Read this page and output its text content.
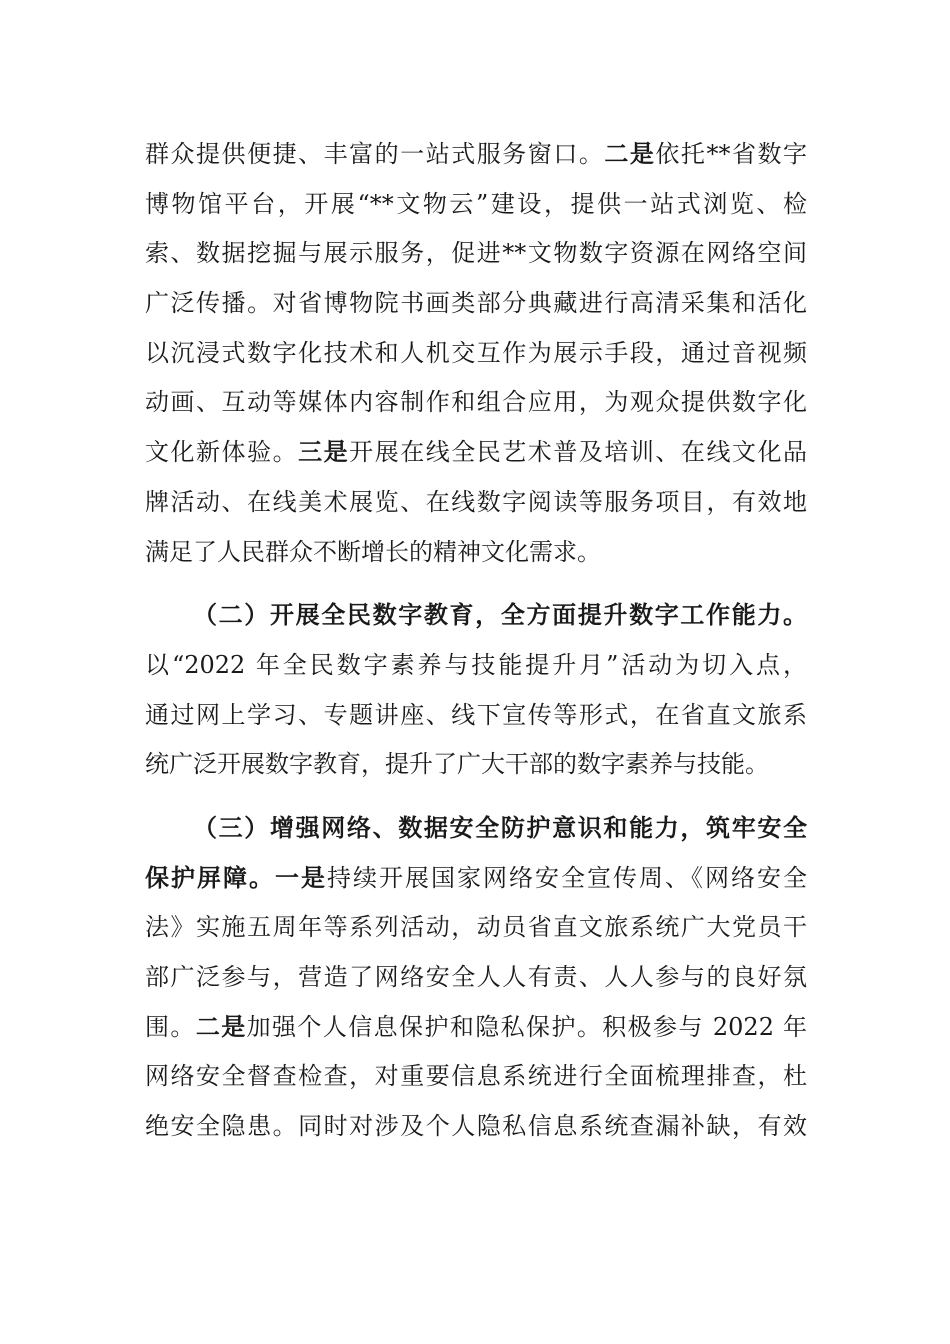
群众提供便捷、丰富的一站式服务窗口。二是依托**省数字
博物馆平台，开展“**文物云”建设，提供一站式浏览、检
索、数据挖掘与展示服务，促进**文物数字资源在网络空间
广泛传播。对省博物院书画类部分典藏进行高清采集和活化
以沉浸式数字化技术和人机交互作为展示手段，通过音视频
动画、互动等媒体内容制作和组合应用，为观众提供数字化
文化新体验。三是开展在线全民艺术普及培训、在线文化品
牌活动、在线美术展览、在线数字阅读等服务项目，有效地
满足了人民群众不断增长的精神文化需求。
（二）开展全民数字教育，全方面提升数字工作能力。
以“2022 年全民数字素养与技能提升月”活动为切入点，
通过网上学习、专题讲座、线下宣传等形式，在省直文旅系
统广泛开展数字教育，提升了广大干部的数字素养与技能。
（三）增强网络、数据安全防护意识和能力，筑牢安全
保护屏障。一是持续开展国家网络安全宣传周、《网络安全
法》实施五周年等系列活动，动员省直文旅系统广大党员干
部广泛参与，营造了网络安全人人有责、人人参与的良好氛
围。二是加强个人信息保护和隐私保护。积极参与 2022 年
网络安全督查检查，对重要信息系统进行全面梳理排查，杜
绝安全隐患。同时对涉及个人隐私信息系统查漏补缺，有效
